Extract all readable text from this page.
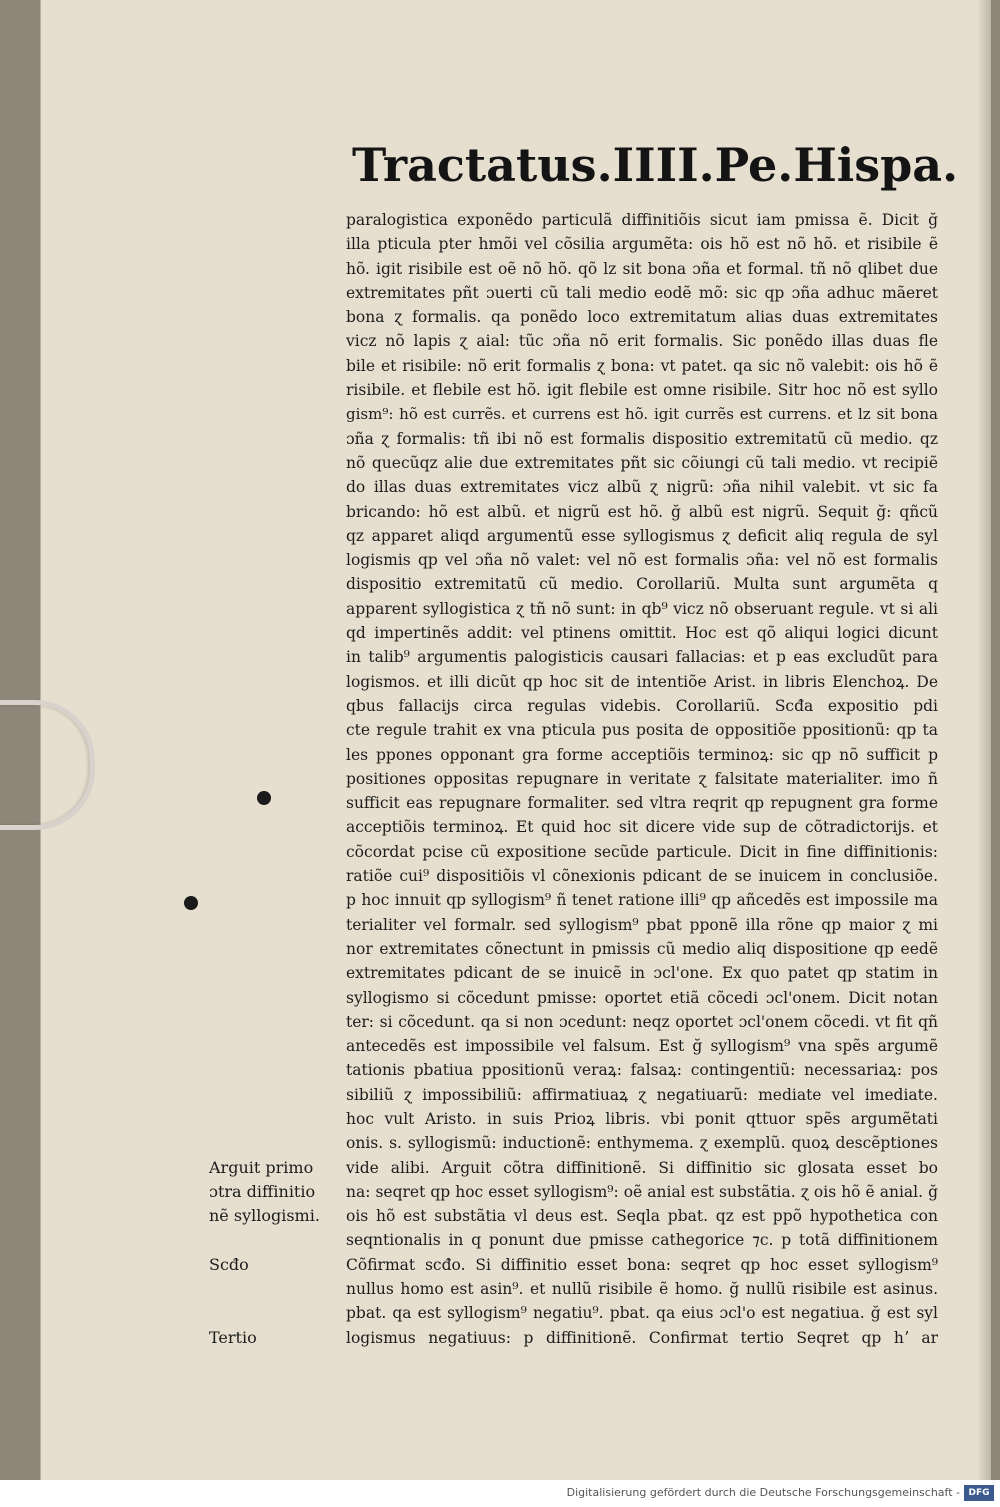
Tractatus.IIII.Pe.Hispa.
paralogistica exponẽdo particulã diffinitiõis sicut iam pmissa ẽ. Dicit ğ
illa pticula pter hmõi vel cõsilia argumẽta: ois hõ est nõ hõ. et risibile ẽ
hõ. igit risibile est oẽ nõ hõ. qõ lz sit bona ɔña et formal. tñ nõ qlibet due
extremitates pñt ɔuerti cũ tali medio eodẽ mõ: sic qp ɔña adhuc mãeret
bona ɀ formalis. qa ponẽdo loco extremitatum alias duas extremitates
vicz nõ lapis ɀ aial: tũc ɔña nõ erit formalis. Sic ponẽdo illas duas fle
bile et risibile: nõ erit formalis ɀ bona: vt patet. qa sic nõ valebit: ois hõ ẽ
risibile. et flebile est hõ. igit flebile est omne risibile. Sitr hoc nõ est syllo
gism⁹: hõ est currẽs. et currens est hõ. igit currẽs est currens. et lz sit bona
ɔña ɀ formalis: tñ ibi nõ est formalis dispositio extremitatũ cũ medio. qz
nõ quecũqz alie due extremitates pñt sic cõiungi cũ tali medio. vt recipiẽ
do illas duas extremitates vicz albũ ɀ nigrũ: ɔña nihil valebit. vt sic fa
bricando: hõ est albũ. et nigrũ est hõ. ğ albũ est nigrũ. Sequit ğ: qñcũ
qz apparet aliqd argumentũ esse syllogismus ɀ deficit aliq regula de syl
logismis qp vel ɔña nõ valet: vel nõ est formalis ɔña: vel nõ est formalis
dispositio extremitatũ cũ medio. Corollariũ. Multa sunt argumẽta q
apparent syllogistica ɀ tñ nõ sunt: in qb⁹ vicz nõ obseruant regule. vt si ali
qd impertinẽs addit: vel ptinens omittit. Hoc est qõ aliqui logici dicunt
in talib⁹ argumentis palogisticis causari fallacias: et p eas excludũt para
logismos. et illi dicũt qp hoc sit de intentiõe Arist. in libris Elenchoꝝ. De
qbus fallacijs circa regulas videbis. Corollariũ. Scđa expositio pdi
cte regule trahit ex vna pticula pus posita de oppositiõe ppositionũ: qp ta
les ppones opponant gra forme acceptiõis terminoꝝ: sic qp nõ sufficit p
positiones oppositas repugnare in veritate ɀ falsitate materialiter. imo ñ
sufficit eas repugnare formaliter. sed vltra reqrit qp repugnent gra forme
acceptiõis terminoꝝ. Et quid hoc sit dicere vide sup de cõtradictorijs. et
cõcordat pcise cũ expositione secũde particule. Dicit in fine diffinitionis:
ratiõe cui⁹ dispositiõis vl cõnexionis pdicant de se inuicem in conclusiõe.
p hoc innuit qp syllogism⁹ ñ tenet ratione illi⁹ qp añcedẽs est impossile ma
terialiter vel formalr. sed syllogism⁹ pbat pponẽ illa rõne qp maior ɀ mi
nor extremitates cõnectunt in pmissis cũ medio aliq dispositione qp eedẽ
extremitates pdicant de se inuicẽ in ɔcl'one. Ex quo patet qp statim in
syllogismo si cõcedunt pmisse: oportet etiã cõcedi ɔcl'onem. Dicit notan
ter: si cõcedunt. qa si non ɔcedunt: neqz oportet ɔcl'onem cõcedi. vt fit qñ
antecedẽs est impossibile vel falsum. Est ğ syllogism⁹ vna spẽs argumẽ
tationis pbatiua ppositionũ veraꝝ: falsaꝝ: contingentiũ: necessariaꝝ: pos
sibiliũ ɀ impossibiliũ: affirmatiuaꝝ ɀ negatiuarũ: mediate vel imediate.
hoc vult Aristo. in suis Prioꝝ libris. vbi ponit qttuor spẽs argumẽtati
onis. s. syllogismũ: inductionẽ: enthymema. ɀ exemplũ. quoꝝ descẽptiones
vide alibi. Arguit cõtra diffinitionẽ. Si diffinitio sic glosata esset bo
na: seqret qp hoc esset syllogism⁹: oẽ anial est substãtia. ɀ ois hõ ẽ anial. ğ
ois hõ est substãtia vl deus est. Seqla pbat. qz est ppõ hypothetica con
seqntionalis in q ponunt due pmisse cathegorice ⁊c. p totã diffinitionem
Cõfirmat scđo. Si diffinitio esset bona: seqret qp hoc esset syllogism⁹
nullus homo est asin⁹. et nullũ risibile ẽ homo. ğ nullũ risibile est asinus.
pbat. qa est syllogism⁹ negatiu⁹. pbat. qa eius ɔcl'o est negatiua. ğ est syl
logismus negatiuus: p diffinitionẽ. Confirmat tertio Seqret qp hʼ ar
Arguit primo
ɔtra diffinitio
nẽ syllogismi.
Scđo
Tertio
Digitalisierung gefördert durch die Deutsche Forschungsgemeinschaft - DFG
